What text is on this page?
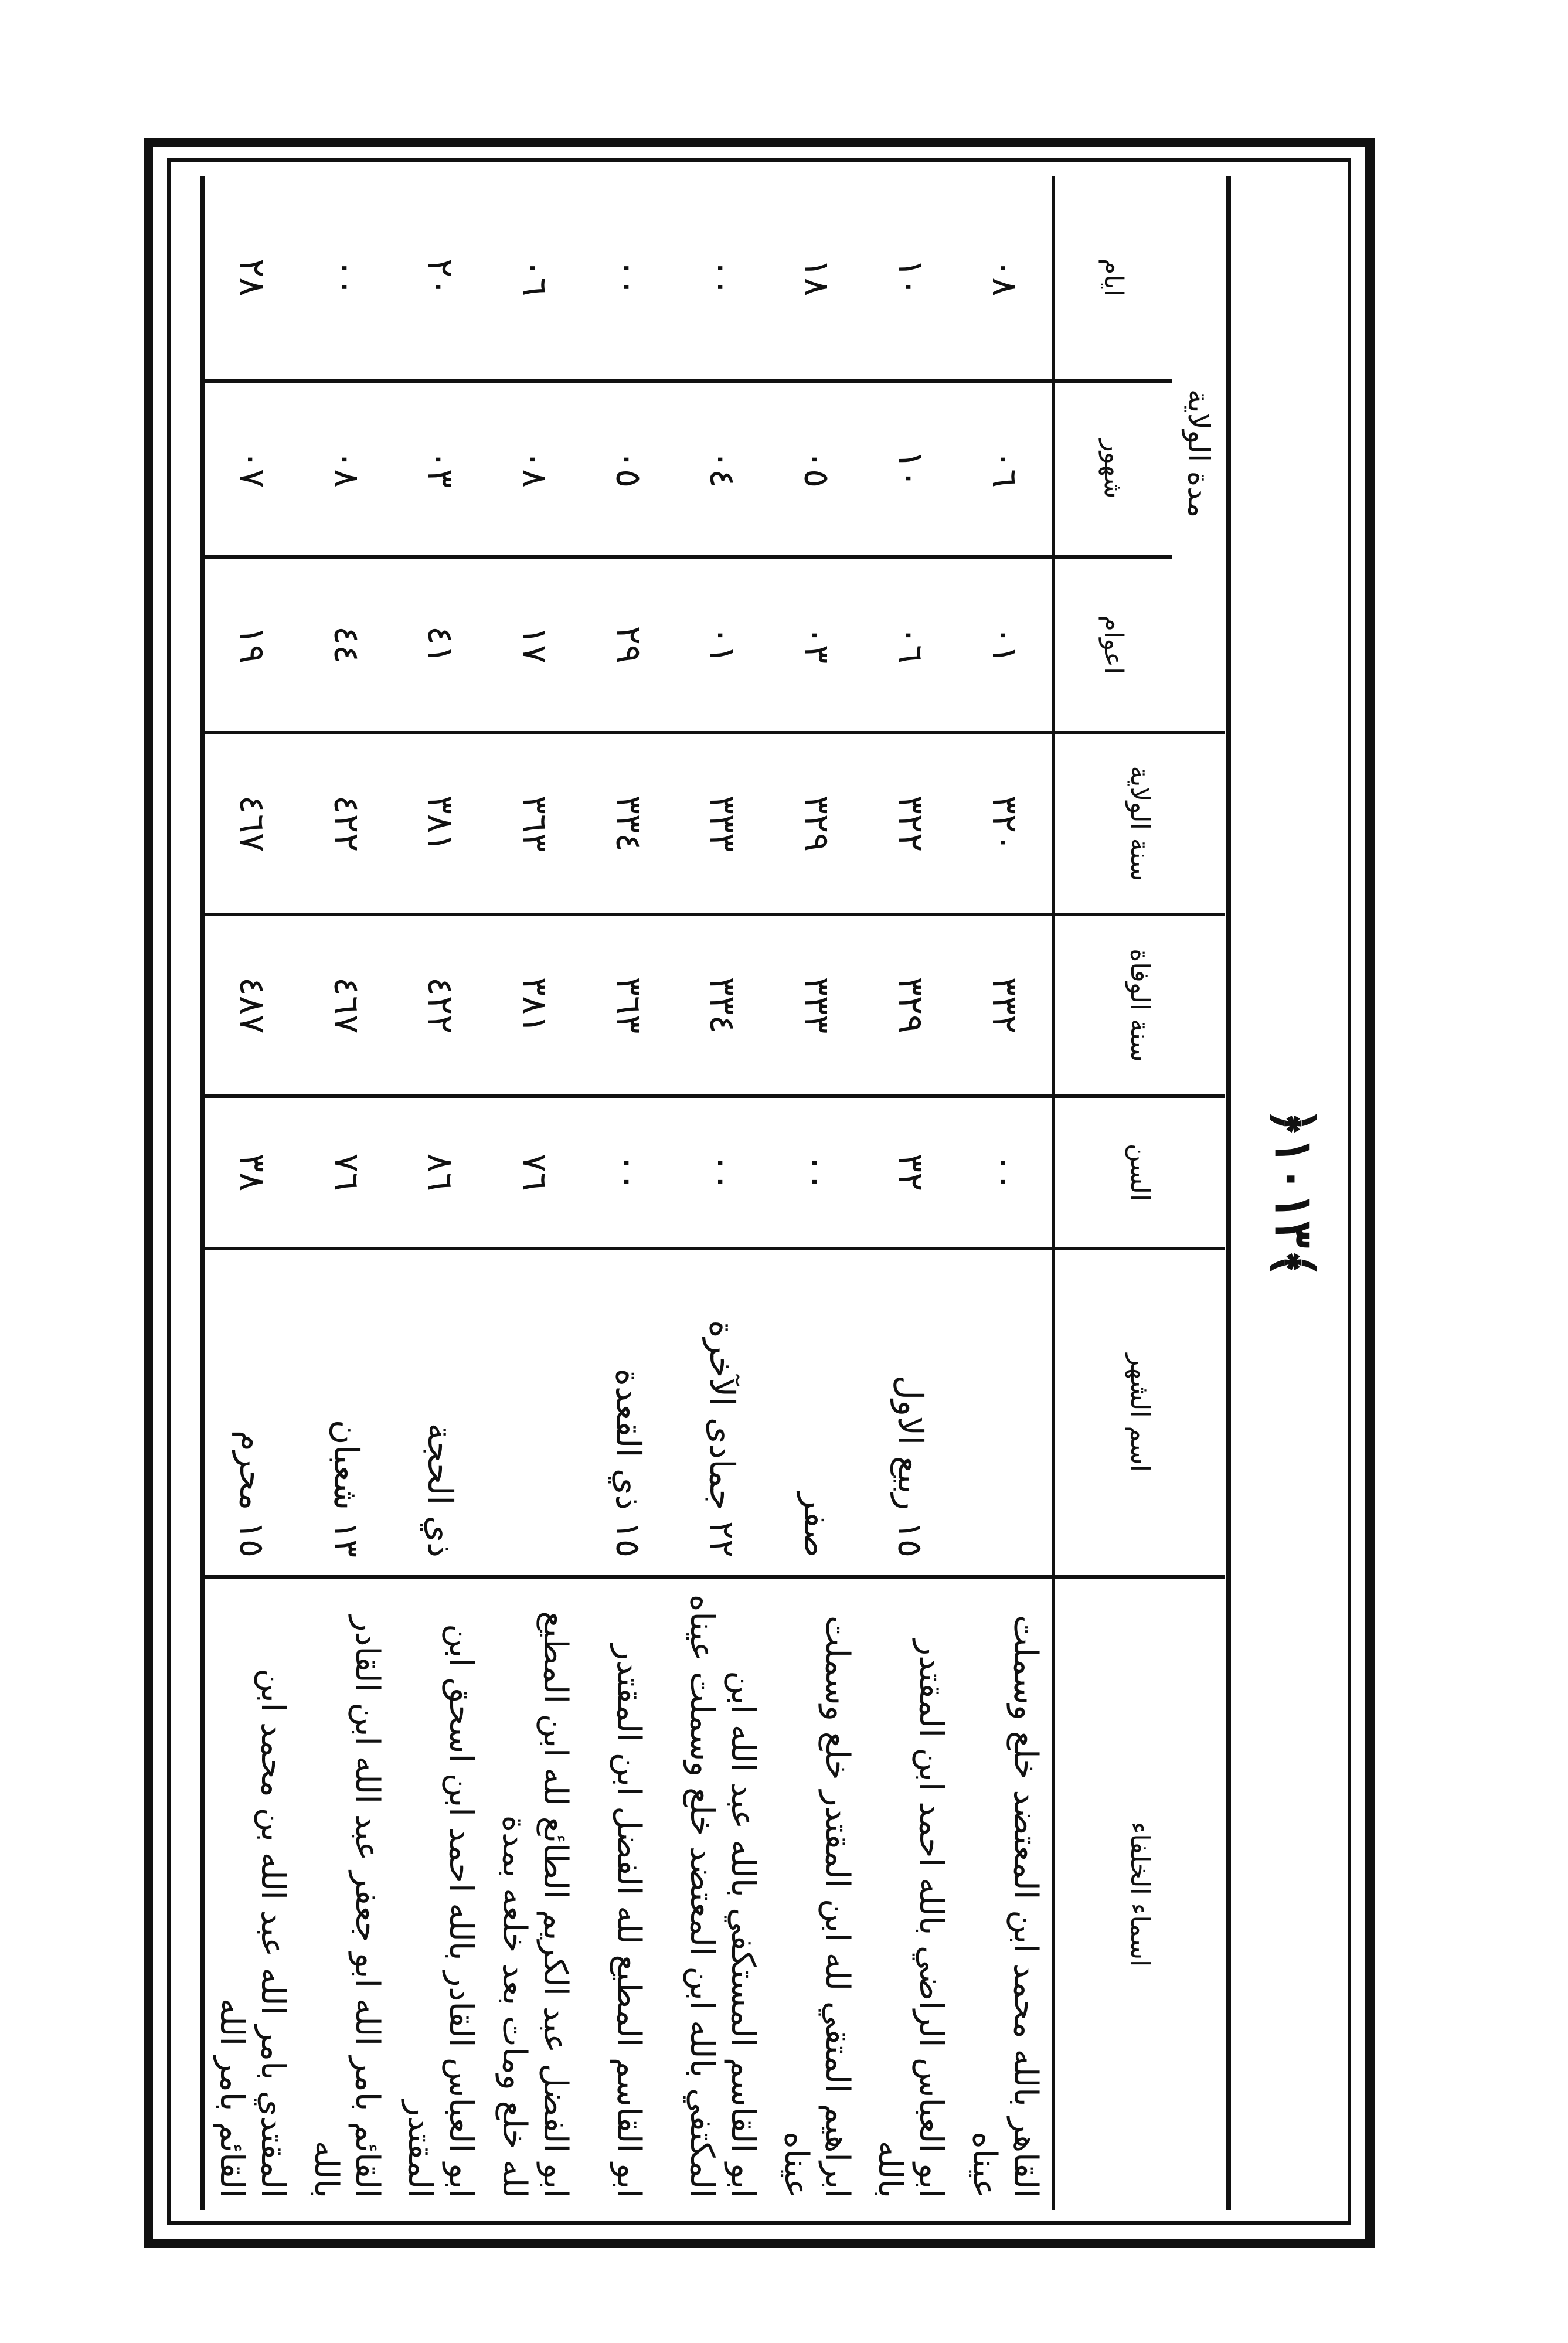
﴿١٠١٣﴾
اسماء الخلفاء	اسم الشهر	السن	سنة الوفاة	سنة الولاية	مدة الولاية		
					اعوام	شهور	ايام
القاهر بالله محمد ابن المعتضد خلع وسملت عيناه		٠٠	٣٣٢	٣٢٠	٠١	٠٦	٠٨
ابو العباس الراضي بالله احمد ابن المقتدر بالله	١٥ ربيع الاول	٣٢	٣٢٩	٣٢٢	٠٦	١٠	١٠
ابراهيم المتقي لله ابن المقتدر خلع وسملت عيناه	صفر	٠٠	٣٣٣	٣٢٩	٠٣	٠٥	١٨
ابو القاسم المستكفي بالله عبد الله ابن المكتفي بالله ابن المعتضد خلع وسملت عيناه	٢٢ جمادى الآخرة	٠٠	٣٣٤	٣٣٣	٠١	٠٤	٠٠
ابو القاسم المطيع لله الفضل ابن المقتدر	١٥ ذي القعدة	٠٠	٣٦٣	٣٣٤	٢٩	٠٥	٠٠
ابو الفضل عبد الكريم الطائع لله ابن المطيع لله خلع ومات بعد خلعه بمدة		٧٦	٣٨١	٣٦٣	١٧	٠٨	٠٦
ابو العباس القادر بالله احمد ابن اسحق ابن المقتدر	ذي الحجة	٨٦	٤٢٢	٣٨١	٤١	٠٣	٢٠
القائم بامر الله ابو جعفر عبد الله ابن القادر بالله	١٣ شعبان	٧٦	٤٦٧	٤٢٢	٤٤	٠٨	٠٠
المقتدي بامر الله عبد الله بن محمد ابن القائم بامر الله	١٥ محرم	٣٨	٤٨٧	٤٦٧	١٩	٠٧	٢٨
